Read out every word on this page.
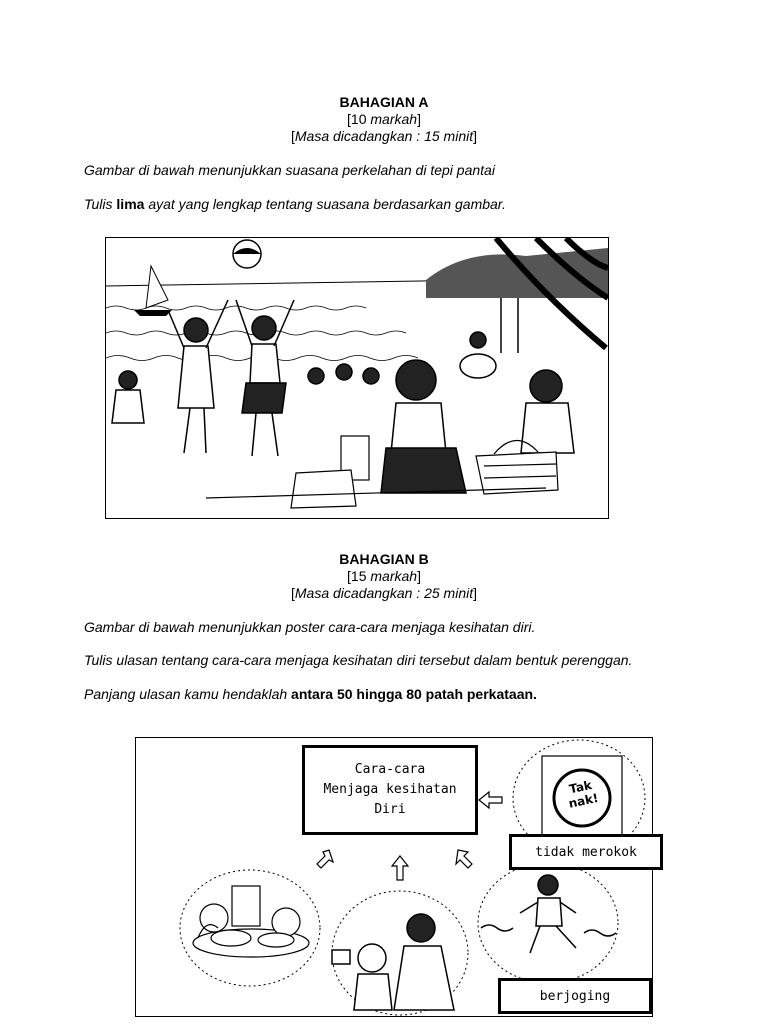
BAHAGIAN A
[10 markah]
[Masa dicadangkan : 15 minit]
Gambar di bawah menunjukkan suasana perkelahan di tepi pantai
Tulis lima ayat yang lengkap tentang suasana berdasarkan gambar.
BAHAGIAN B
[15 markah]
[Masa dicadangkan : 25 minit]
Gambar di bawah menunjukkan poster cara-cara menjaga kesihatan diri.
Tulis ulasan tentang cara-cara menjaga kesihatan diri tersebut dalam bentuk perenggan.
Panjang ulasan kamu hendaklah antara 50 hingga 80 patah perkataan.
Cara-cara
Menjaga kesihatan
Diri
Tak
nak!
tidak merokok
berjoging
